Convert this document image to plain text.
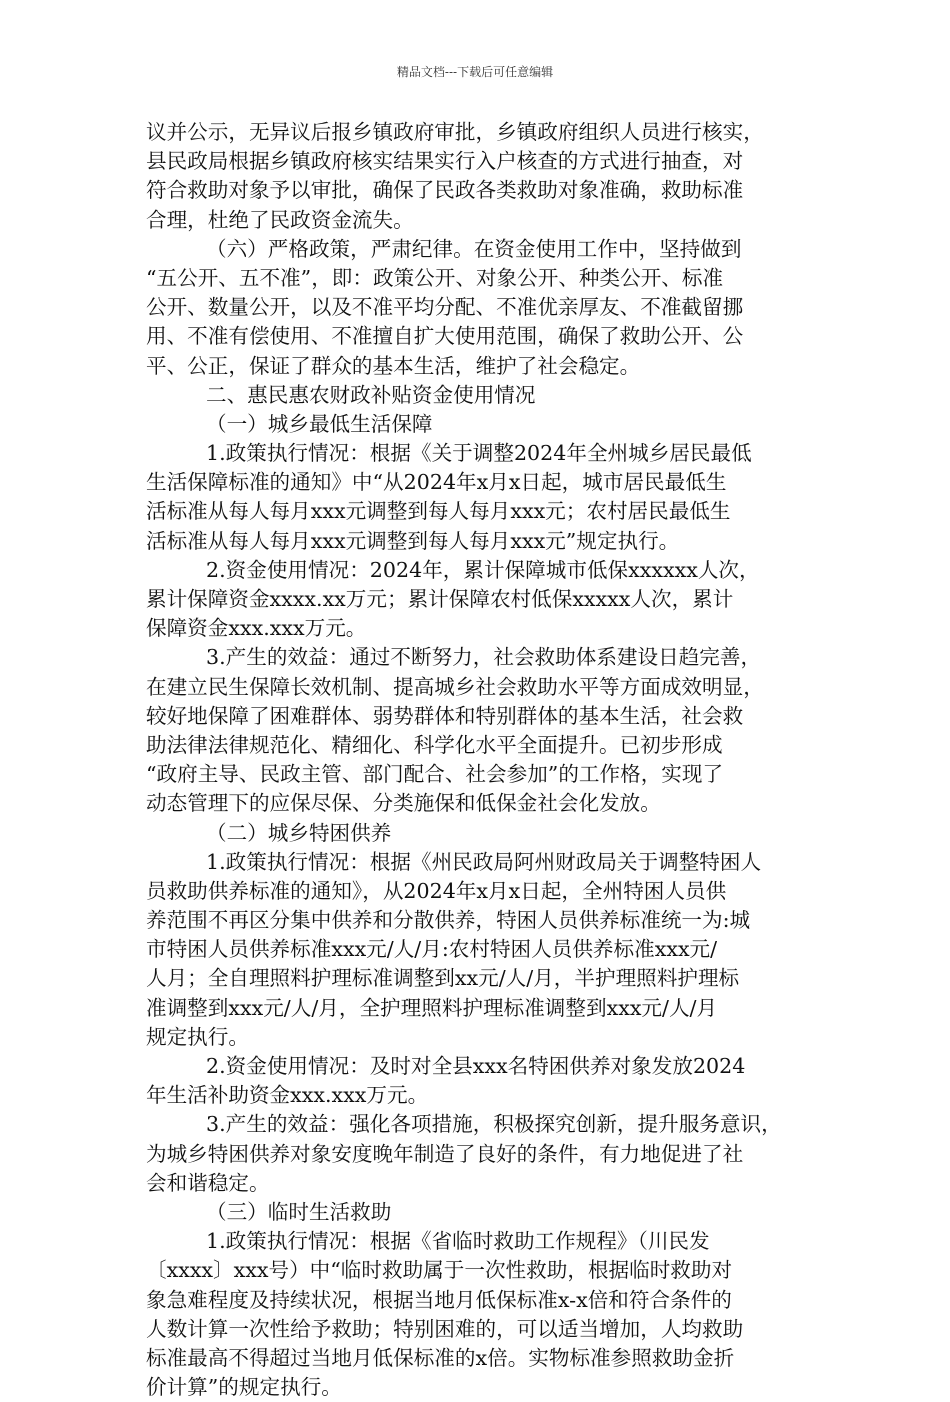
精品文档---下载后可任意编辑
议并公示，无异议后报乡镇政府审批，乡镇政府组织人员进行核实，
县民政局根据乡镇政府核实结果实行入户核查的方式进行抽查，对
符合救助对象予以审批，确保了民政各类救助对象准确，救助标准
合理，杜绝了民政资金流失。
（六）严格政策，严肃纪律。在资金使用工作中，坚持做到
“五公开、五不准”，即：政策公开、对象公开、种类公开、标准
公开、数量公开，以及不准平均分配、不准优亲厚友、不准截留挪
用、不准有偿使用、不准擅自扩大使用范围，确保了救助公开、公
平、公正，保证了群众的基本生活，维护了社会稳定。
二、惠民惠农财政补贴资金使用情况
（一）城乡最低生活保障
1.政策执行情况：根据《关于调整2024年全州城乡居民最低
生活保障标准的通知》中“从2024年x月x日起，城市居民最低生
活标准从每人每月xxx元调整到每人每月xxx元；农村居民最低生
活标准从每人每月xxx元调整到每人每月xxx元”规定执行。
2.资金使用情况：2024年，累计保障城市低保xxxxxx人次，
累计保障资金xxxx.xx万元；累计保障农村低保xxxxx人次，累计
保障资金xxx.xxx万元。
3.产生的效益：通过不断努力，社会救助体系建设日趋完善，
在建立民生保障长效机制、提高城乡社会救助水平等方面成效明显，
较好地保障了困难群体、弱势群体和特别群体的基本生活，社会救
助法律法律规范化、精细化、科学化水平全面提升。已初步形成
“政府主导、民政主管、部门配合、社会参加”的工作格，实现了
动态管理下的应保尽保、分类施保和低保金社会化发放。
（二）城乡特困供养
1.政策执行情况：根据《州民政局阿州财政局关于调整特困人
员救助供养标准的通知》，从2024年x月x日起，全州特困人员供
养范围不再区分集中供养和分散供养，特困人员供养标准统一为:城
市特困人员供养标准xxx元/人/月:农村特困人员供养标准xxx元/
人月；全自理照料护理标准调整到xx元/人/月，半护理照料护理标
准调整到xxx元/人/月，全护理照料护理标准调整到xxx元/人/月
规定执行。
2.资金使用情况：及时对全县xxx名特困供养对象发放2024
年生活补助资金xxx.xxx万元。
3.产生的效益：强化各项措施，积极探究创新，提升服务意识，
为城乡特困供养对象安度晚年制造了良好的条件，有力地促进了社
会和谐稳定。
（三）临时生活救助
1.政策执行情况：根据《省临时救助工作规程》（川民发
〔xxxx〕xxx号）中“临时救助属于一次性救助，根据临时救助对
象急难程度及持续状况，根据当地月低保标准x-x倍和符合条件的
人数计算一次性给予救助；特别困难的，可以适当增加，人均救助
标准最高不得超过当地月低保标准的x倍。实物标准参照救助金折
价计算”的规定执行。
